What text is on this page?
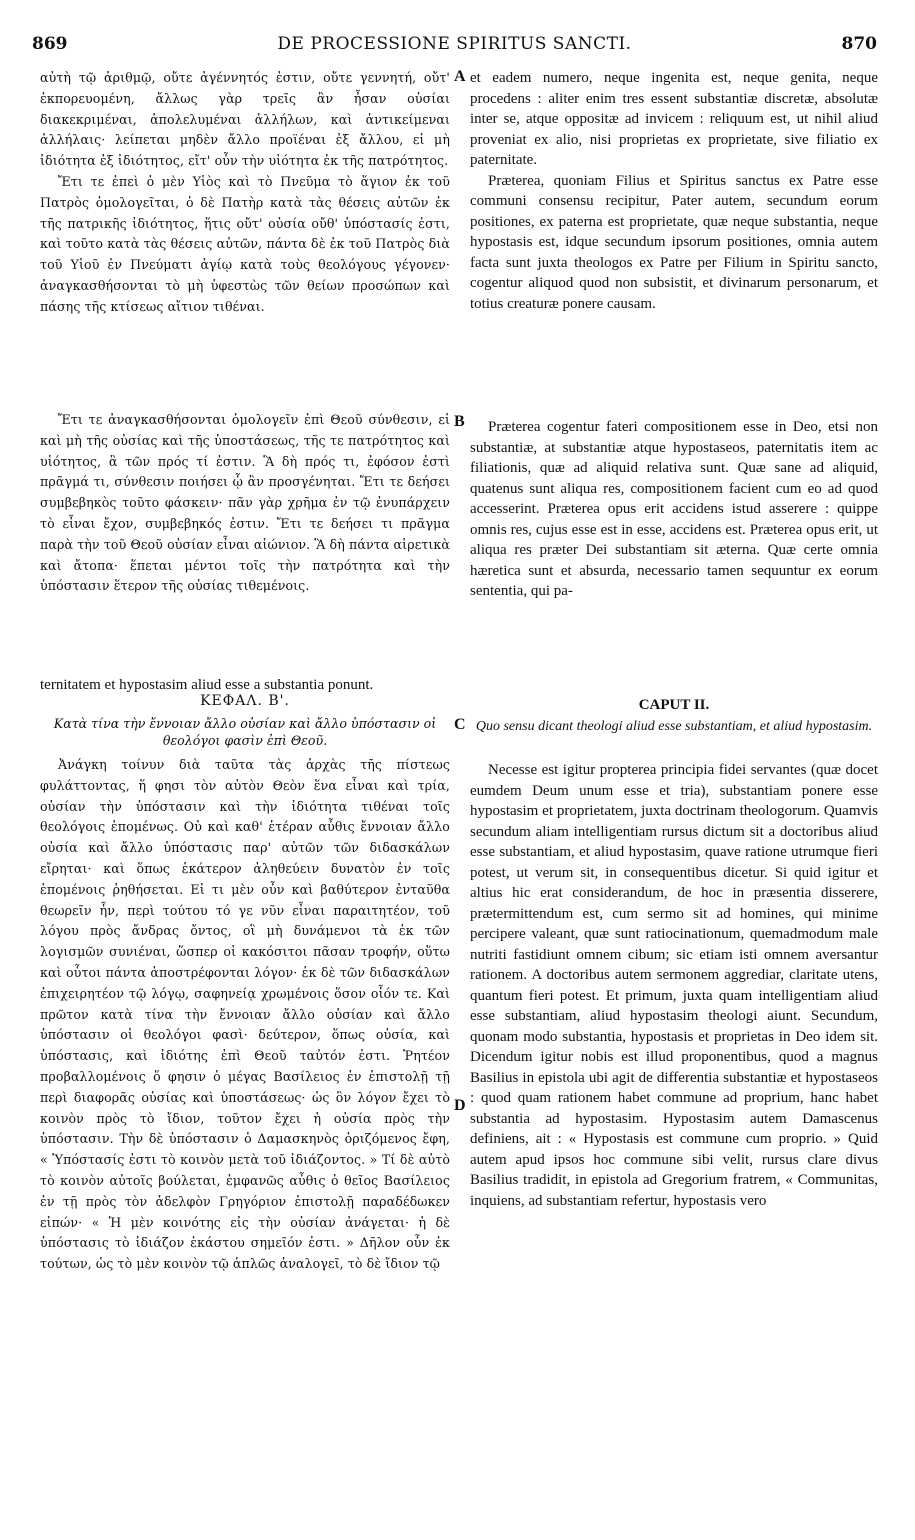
869	DE PROCESSIONE SPIRITUS SANCTI.	870
A
B
C
D

αὐτὴ τῷ ἀριθμῷ, οὔτε ἀγέννητός ἐστιν, οὔτε γεννητή, οὔτ' ἐκπορευομένη, ἄλλως γὰρ τρεῖς ἂν ἦσαν οὐσίαι διακεκριμέναι, ἀπολελυμέναι ἀλλήλων, καὶ ἀντικείμεναι ἀλλήλαις· λείπεται μηδὲν ἄλλο προϊέναι ἐξ ἄλλου, εἰ μὴ ἰδιότητα ἐξ ἰδιότητος, εἴτ' οὖν τὴν υἱότητα ἐκ τῆς πατρότητος.

Ἔτι τε ἐπεὶ ὁ μὲν Υἱὸς καὶ τὸ Πνεῦμα τὸ ἅγιον ἐκ τοῦ Πατρὸς ὁμολογεῖται, ὁ δὲ Πατὴρ κατὰ τὰς θέσεις αὐτῶν ἐκ τῆς πατρικῆς ἰδιότητος, ἥτις οὔτ' οὐσία οὔθ' ὑπόστασίς ἐστι, καὶ τοῦτο κατὰ τὰς θέσεις αὐτῶν, πάντα δὲ ἐκ τοῦ Πατρὸς διὰ τοῦ Υἱοῦ ἐν Πνεύματι ἁγίῳ κατὰ τοὺς θεολόγους γέγονεν· ἀναγκασθήσονται τὸ μὴ ὑφεστὼς τῶν θείων προσώπων καὶ πάσης τῆς κτίσεως αἴτιον τιθέναι.

et eadem numero, neque ingenita est, neque genita, neque procedens : aliter enim tres essent substantiæ discretæ, absolutæ inter se, atque oppositæ ad invicem : reliquum est, ut nihil aliud proveniat ex alio, nisi proprietas ex proprietate, sive filiatio ex paternitate.

Præterea, quoniam Filius et Spiritus sanctus ex Patre esse communi consensu recipitur, Pater autem, secundum eorum positiones, ex paterna est proprietate, quæ neque substantia, neque hypostasis est, idque secundum ipsorum positiones, omnia autem facta sunt juxta theologos ex Patre per Filium in Spiritu sancto, cogentur aliquod quod non subsistit, et divinarum personarum, et totius creaturæ ponere causam.

Ἔτι τε ἀναγκασθήσονται ὁμολογεῖν ἐπὶ Θεοῦ σύνθεσιν, εἰ καὶ μὴ τῆς οὐσίας καὶ τῆς ὑποστάσεως, τῆς τε πατρότητος καὶ υἱότητος, ἃ τῶν πρός τί ἐστιν. Ἃ δὴ πρός τι, ἐφόσον ἐστὶ πρᾶγμά τι, σύνθεσιν ποιήσει ᾧ ἂν προσγένηται. Ἔτι τε δεήσει συμβεβηκὸς τοῦτο φάσκειν· πᾶν γὰρ χρῆμα ἐν τῷ ἐνυπάρχειν τὸ εἶναι ἔχον, συμβεβηκός ἐστιν. Ἔτι τε δεήσει τι πρᾶγμα παρὰ τὴν τοῦ Θεοῦ οὐσίαν εἶναι αἰώνιον. Ἃ δὴ πάντα αἱρετικὰ καὶ ἄτοπα· ἕπεται μέντοι τοῖς τὴν πατρότητα καὶ τὴν ὑπόστασιν ἕτερον τῆς οὐσίας τιθεμένοις.

Præterea cogentur fateri compositionem esse in Deo, etsi non substantiæ, at substantiæ atque hypostaseos, paternitatis item ac filiationis, quæ ad aliquid relativa sunt. Quæ sane ad aliquid, quatenus sunt aliqua res, compositionem facient cum eo ad quod accesserint. Præterea opus erit accidens istud asserere : quippe omnis res, cujus esse est in esse, accidens est. Præterea opus erit, ut aliqua res præter Dei substantiam sit æterna. Quæ certe omnia hæretica sunt et absurda, necessario tamen sequuntur ex eorum sententia, qui pa-

ternitatem et hypostasim aliud esse a substantia ponunt.
ΚΕΦΑΛ. Β'.	CAPUT II.
Κατὰ τίνα τὴν ἔννοιαν ἄλλο οὐσίαν καὶ ἄλλο ὑπόστασιν οἱ θεολόγοι φασὶν ἐπὶ Θεοῦ.
Quo sensu dicant theologi aliud esse substantiam, et aliud hypostasim.

Ἀνάγκη τοίνυν διὰ ταῦτα τὰς ἀρχὰς τῆς πίστεως φυλάττοντας, ἥ φησι τὸν αὐτὸν Θεὸν ἕνα εἶναι καὶ τρία, οὐσίαν τὴν ὑπόστασιν καὶ τὴν ἰδιότητα τιθέναι τοῖς θεολόγοις ἑπομένως. Οὐ καὶ καθ' ἑτέραν αὖθις ἔννοιαν ἄλλο οὐσία καὶ ἄλλο ὑπόστασις παρ' αὐτῶν τῶν διδασκάλων εἴρηται· καὶ ὅπως ἑκάτερον ἀληθεύειν δυνατὸν ἐν τοῖς ἑπομένοις ῥηθήσεται. Εἰ τι μὲν οὖν καὶ βαθύτερον ἐνταῦθα θεωρεῖν ἦν, περὶ τούτου τό γε νῦν εἶναι παραιτητέον, τοῦ λόγου πρὸς ἄνδρας ὄντος, οἳ μὴ δυνάμενοι τὰ ἐκ τῶν λογισμῶν συνιέναι, ὥσπερ οἱ κακόσιτοι πᾶσαν τροφήν, οὕτω καὶ οὗτοι πάντα ἀποστρέφονται λόγον· ἐκ δὲ τῶν διδασκάλων ἐπιχειρητέον τῷ λόγῳ, σαφηνείᾳ χρωμένοις ὅσον οἷόν τε. Καὶ πρῶτον κατὰ τίνα τὴν ἔννοιαν ἄλλο οὐσίαν καὶ ἄλλο ὑπόστασιν οἱ θεολόγοι φασὶ· δεύτερον, ὅπως οὐσία, καὶ ὑπόστασις, καὶ ἰδιότης ἐπὶ Θεοῦ ταὐτόν ἐστι. Ῥητέον προβαλλομένοις ὅ φησιν ὁ μέγας Βασίλειος ἐν ἐπιστολῇ τῇ περὶ διαφορᾶς οὐσίας καὶ ὑποστάσεως· ὡς ὃν λόγον ἔχει τὸ κοινὸν πρὸς τὸ ἴδιον, τοῦτον ἔχει ἡ οὐσία πρὸς τὴν ὑπόστασιν. Τὴν δὲ ὑπόστασιν ὁ Δαμασκηνὸς ὁριζόμενος ἔφη, « Ὑπόστασίς ἐστι τὸ κοινὸν μετὰ τοῦ ἰδιάζοντος. » Τί δὲ αὐτὸ τὸ κοινὸν αὐτοῖς βούλεται, ἐμφανῶς αὖθις ὁ θεῖος Βασίλειος ἐν τῇ πρὸς τὸν ἀδελφὸν Γρηγόριον ἐπιστολῇ παραδέδωκεν εἰπών· « Ἡ μὲν κοινότης εἰς τὴν οὐσίαν ἀνάγεται· ἡ δὲ ὑπόστασις τὸ ἰδιάζον ἑκάστου σημεῖόν ἐστι. » Δῆλον οὖν ἐκ τούτων, ὡς τὸ μὲν κοινὸν τῷ ἁπλῶς ἀναλογεῖ, τὸ δὲ ἴδιον τῷ

Necesse est igitur propterea principia fidei servantes (quæ docet eumdem Deum unum esse et tria), substantiam ponere esse hypostasim et proprietatem, juxta doctrinam theologorum. Quamvis secundum aliam intelligentiam rursus dictum sit a doctoribus aliud esse substantiam, et aliud hypostasim, quave ratione utrumque fieri potest, ut verum sit, in consequentibus dicetur. Si quid igitur et altius hic erat considerandum, de hoc in præsentia disserere, prætermittendum est, cum sermo sit ad homines, qui minime percipere valeant, quæ sunt ratiocinationum, quemadmodum male nutriti fastidiunt omnem cibum; sic etiam isti omnem aversantur rationem. A doctoribus autem sermonem aggrediar, claritate utens, quantum fieri potest. Et primum, juxta quam intelligentiam aliud esse substantiam, aliud hypostasim theologi aiunt. Secundum, quonam modo substantia, hypostasis et proprietas in Deo idem sit. Dicendum igitur nobis est illud proponentibus, quod a magnus Basilius in epistola ubi agit de differentia substantiæ et hypostaseos : quod quam rationem habet commune ad proprium, hanc habet substantia ad hypostasim. Hypostasim autem Damascenus definiens, ait : « Hypostasis est commune cum proprio. » Quid autem apud ipsos hoc commune sibi velit, rursus clare divus Basilius tradidit, in epistola ad Gregorium fratrem, « Communitas, inquiens, ad substantiam refertur, hypostasis vero
